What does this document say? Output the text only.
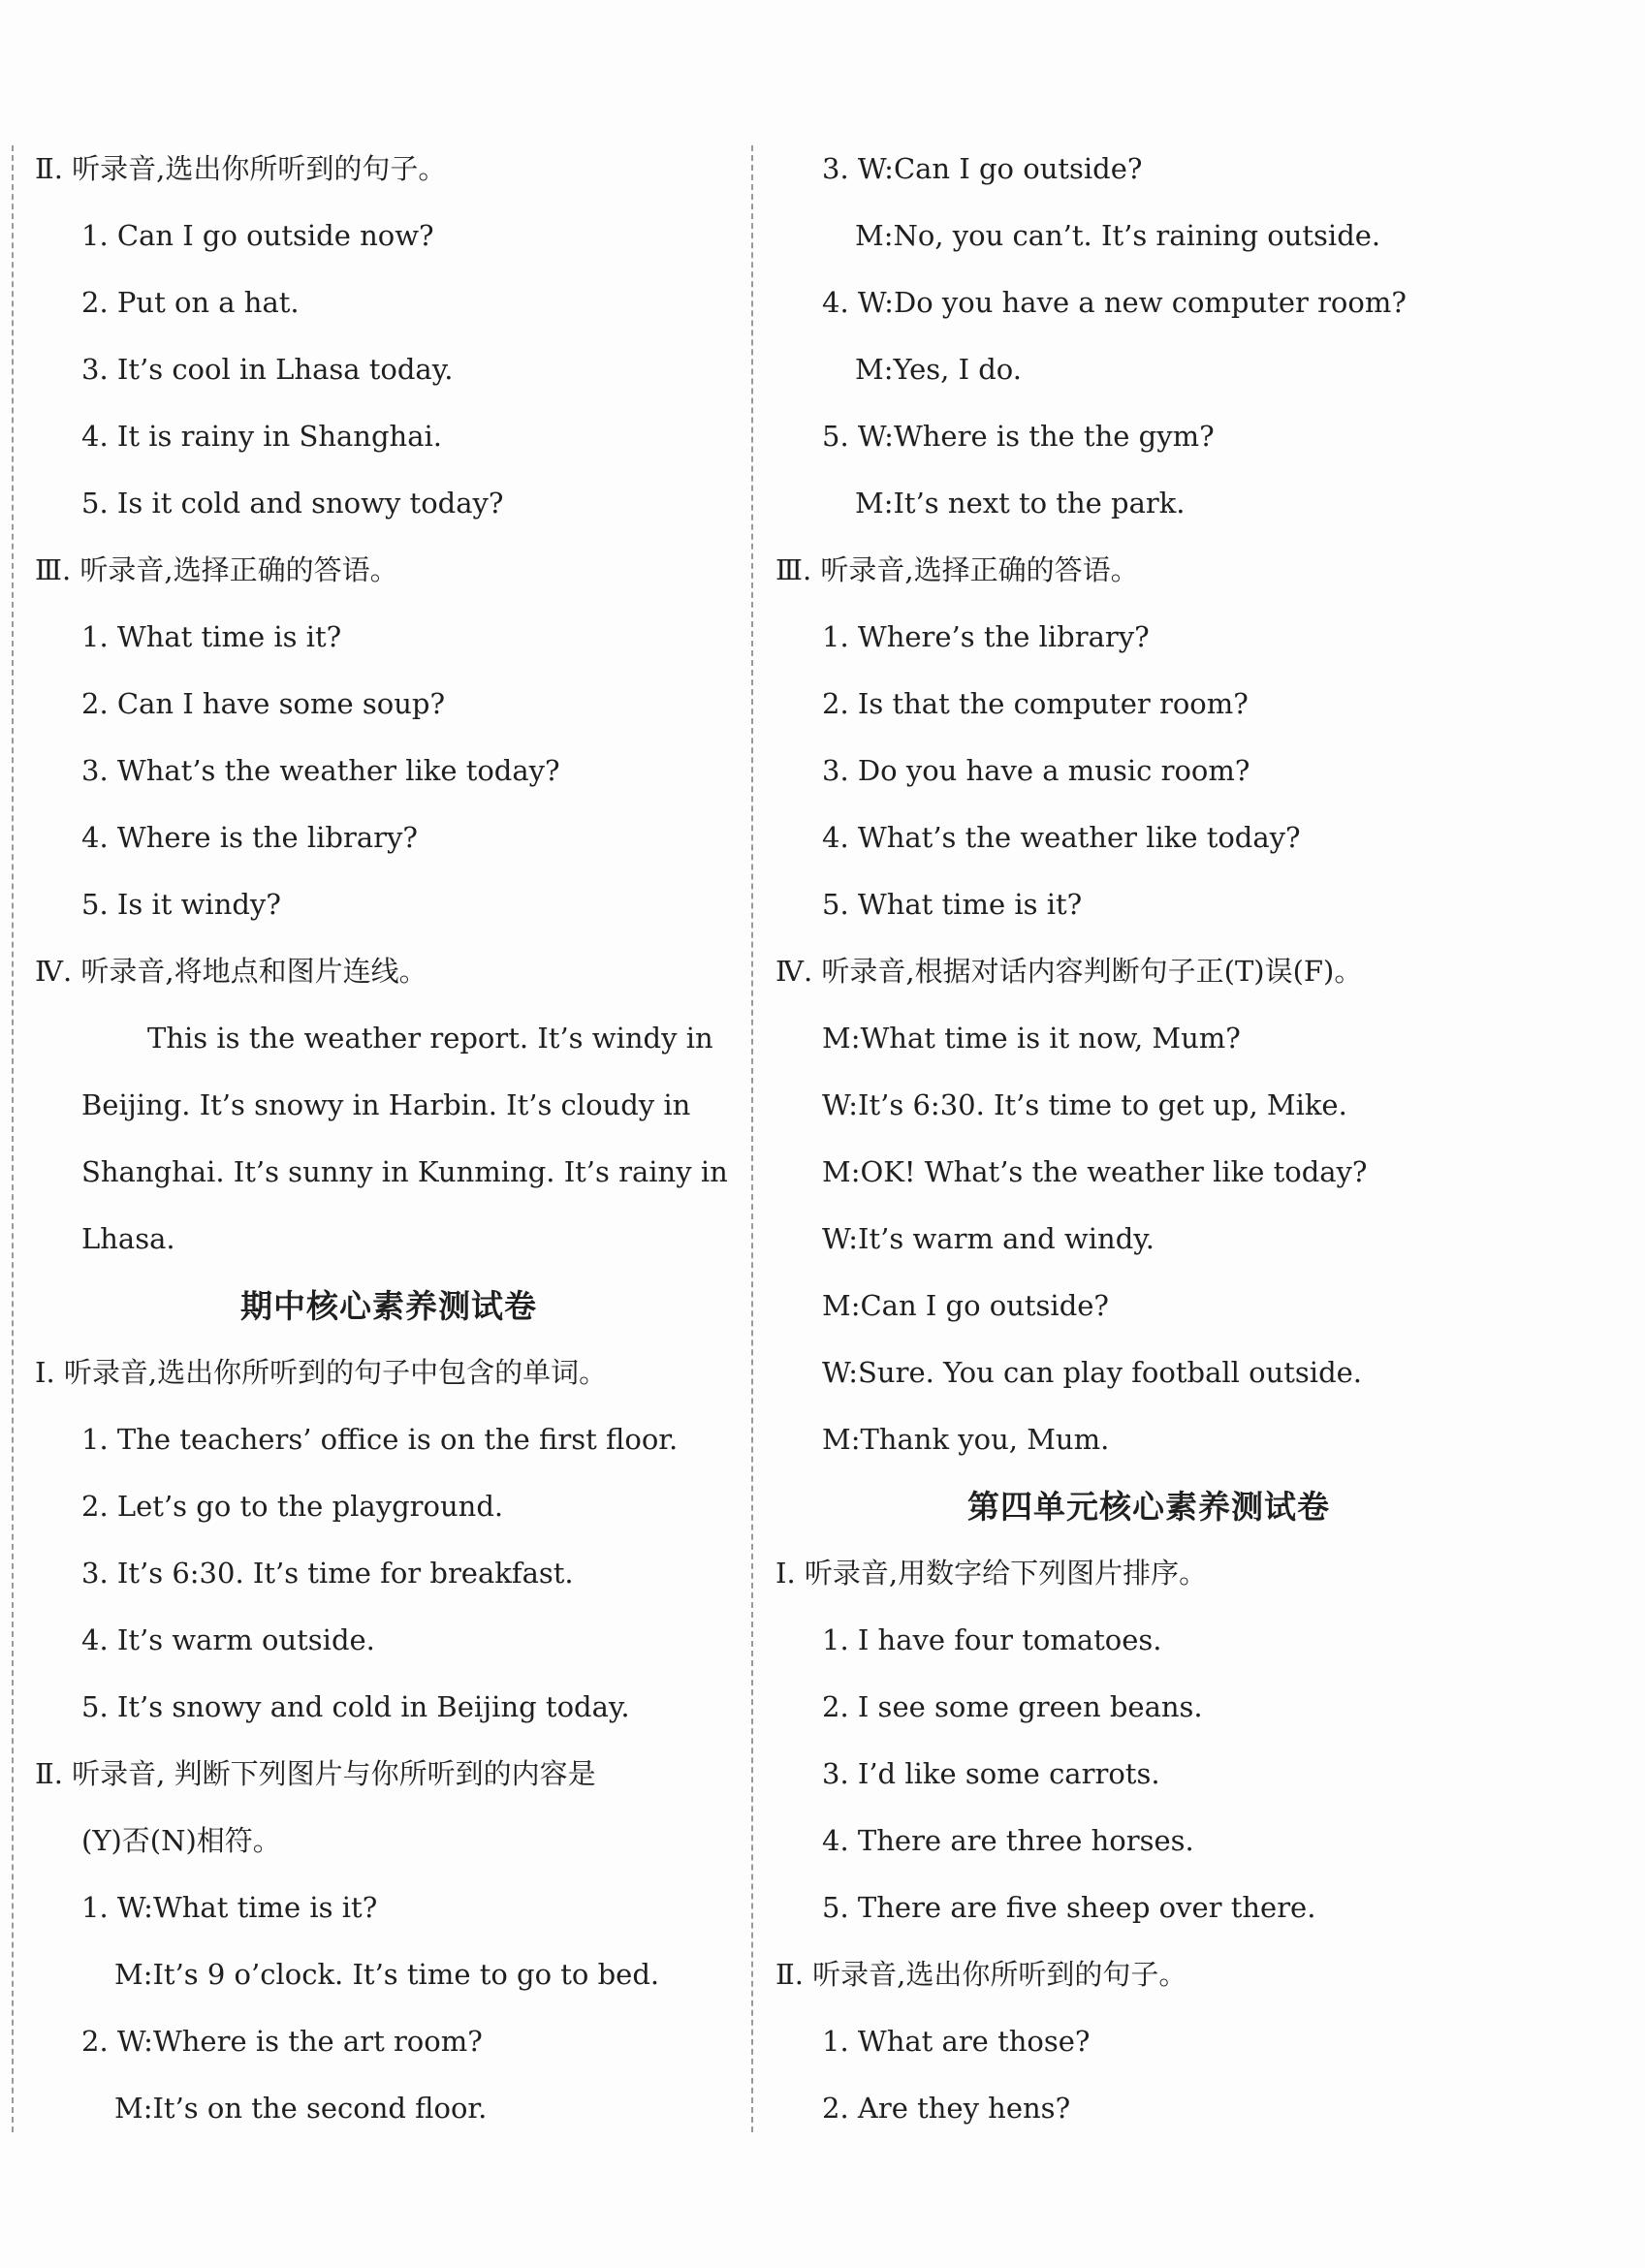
Ⅱ. 听录音,选出你所听到的句子。
1. Can I go outside now?
2. Put on a hat.
3. It’s cool in Lhasa today.
4. It is rainy in Shanghai.
5. Is it cold and snowy today?
Ⅲ. 听录音,选择正确的答语。
1. What time is it?
2. Can I have some soup?
3. What’s the weather like today?
4. Where is the library?
5. Is it windy?
Ⅳ. 听录音,将地点和图片连线。
This is the weather report. It’s windy in
Beijing. It’s snowy in Harbin. It’s cloudy in
Shanghai. It’s sunny in Kunming. It’s rainy in
Lhasa.
期中核心素养测试卷
Ⅰ. 听录音,选出你所听到的句子中包含的单词。
1. The teachers’ office is on the first floor.
2. Let’s go to the playground.
3. It’s 6:30. It’s time for breakfast.
4. It’s warm outside.
5. It’s snowy and cold in Beijing today.
Ⅱ. 听录音, 判断下列图片与你所听到的内容是
(Y)否(N)相符。
1. W:What time is it?
M:It’s 9 o’clock. It’s time to go to bed.
2. W:Where is the art room?
M:It’s on the second floor.
3. W:Can I go outside?
M:No, you can’t. It’s raining outside.
4. W:Do you have a new computer room?
M:Yes, I do.
5. W:Where is the the gym?
M:It’s next to the park.
Ⅲ. 听录音,选择正确的答语。
1. Where’s the library?
2. Is that the computer room?
3. Do you have a music room?
4. What’s the weather like today?
5. What time is it?
Ⅳ. 听录音,根据对话内容判断句子正(T)误(F)。
M:What time is it now, Mum?
W:It’s 6:30. It’s time to get up, Mike.
M:OK! What’s the weather like today?
W:It’s warm and windy.
M:Can I go outside?
W:Sure. You can play football outside.
M:Thank you, Mum.
第四单元核心素养测试卷
Ⅰ. 听录音,用数字给下列图片排序。
1. I have four tomatoes.
2. I see some green beans.
3. I’d like some carrots.
4. There are three horses.
5. There are five sheep over there.
Ⅱ. 听录音,选出你所听到的句子。
1. What are those?
2. Are they hens?
